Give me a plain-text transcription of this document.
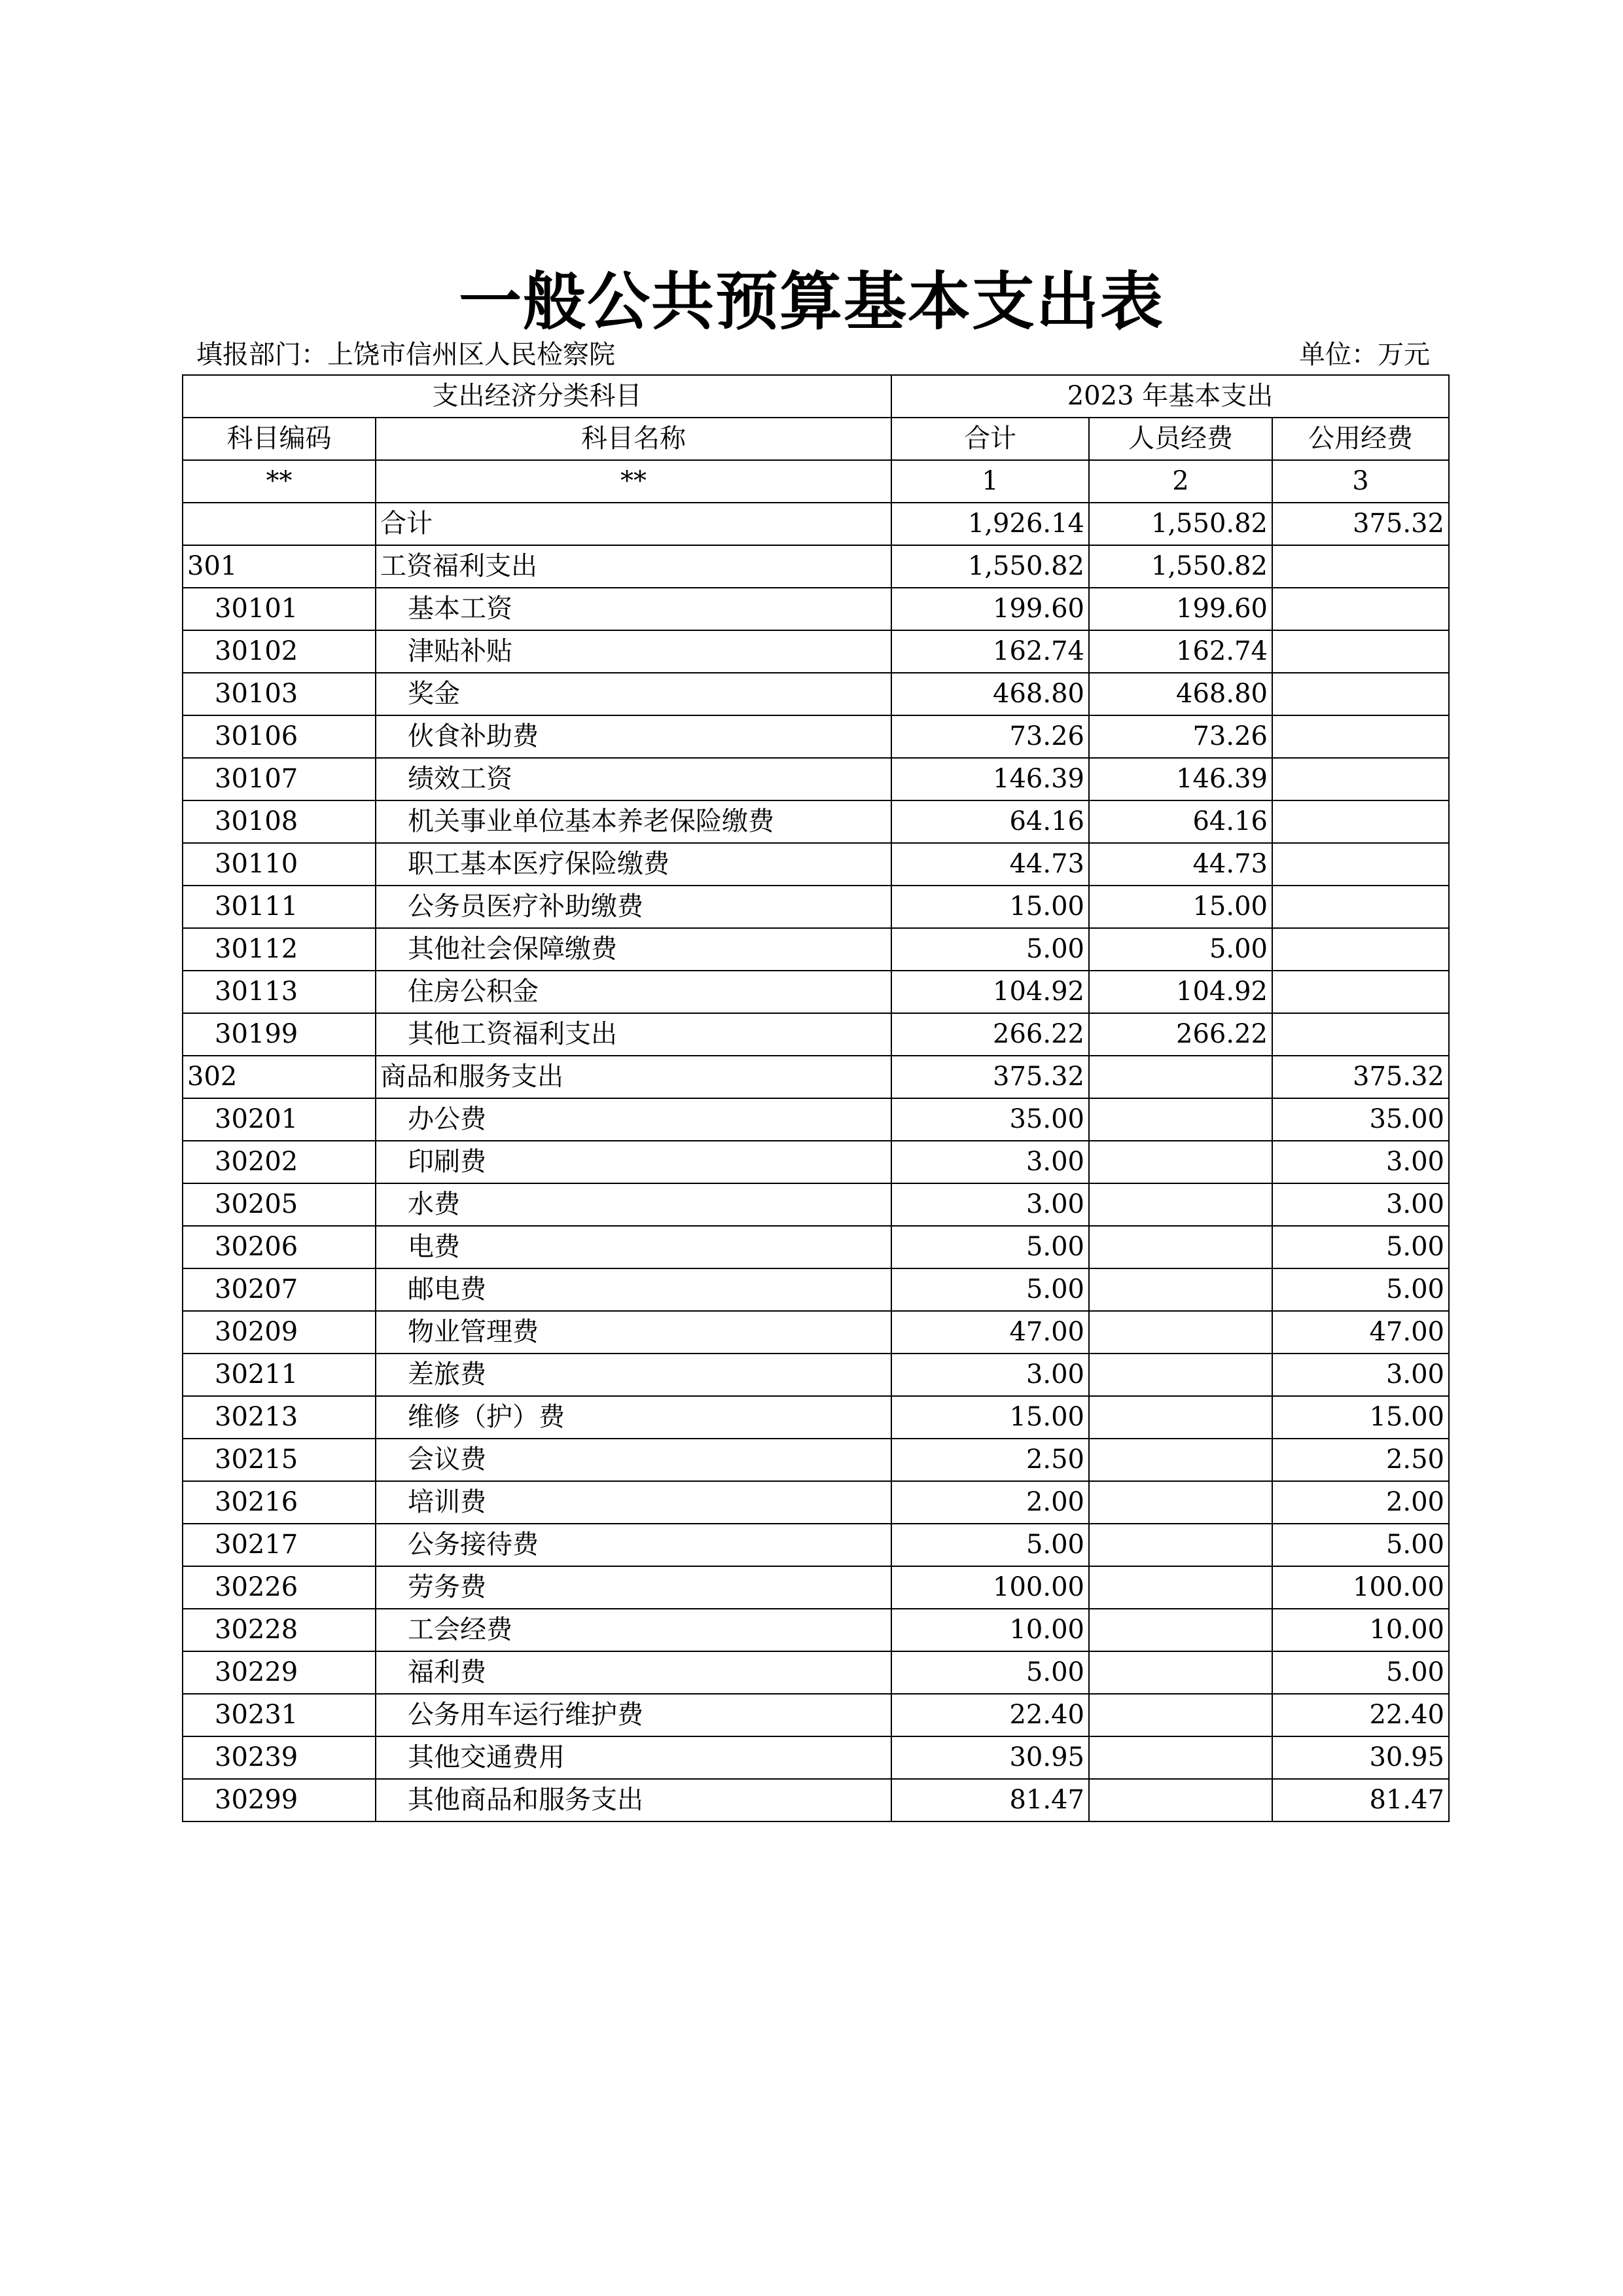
一般公共预算基本支出表
填报部门：上饶市信州区人民检察院	单位：万元
支出经济分类科目		2023 年基本支出		
科目编码	科目名称	合计	人员经费	公用经费
**	**	1	2	3
	合计	1,926.14	1,550.82	375.32
301	工资福利支出	1,550.82	1,550.82	
30101	基本工资	199.60	199.60	
30102	津贴补贴	162.74	162.74	
30103	奖金	468.80	468.80	
30106	伙食补助费	73.26	73.26	
30107	绩效工资	146.39	146.39	
30108	机关事业单位基本养老保险缴费	64.16	64.16	
30110	职工基本医疗保险缴费	44.73	44.73	
30111	公务员医疗补助缴费	15.00	15.00	
30112	其他社会保障缴费	5.00	5.00	
30113	住房公积金	104.92	104.92	
30199	其他工资福利支出	266.22	266.22	
302	商品和服务支出	375.32		375.32
30201	办公费	35.00		35.00
30202	印刷费	3.00		3.00
30205	水费	3.00		3.00
30206	电费	5.00		5.00
30207	邮电费	5.00		5.00
30209	物业管理费	47.00		47.00
30211	差旅费	3.00		3.00
30213	维修（护）费	15.00		15.00
30215	会议费	2.50		2.50
30216	培训费	2.00		2.00
30217	公务接待费	5.00		5.00
30226	劳务费	100.00		100.00
30228	工会经费	10.00		10.00
30229	福利费	5.00		5.00
30231	公务用车运行维护费	22.40		22.40
30239	其他交通费用	30.95		30.95
30299	其他商品和服务支出	81.47		81.47
